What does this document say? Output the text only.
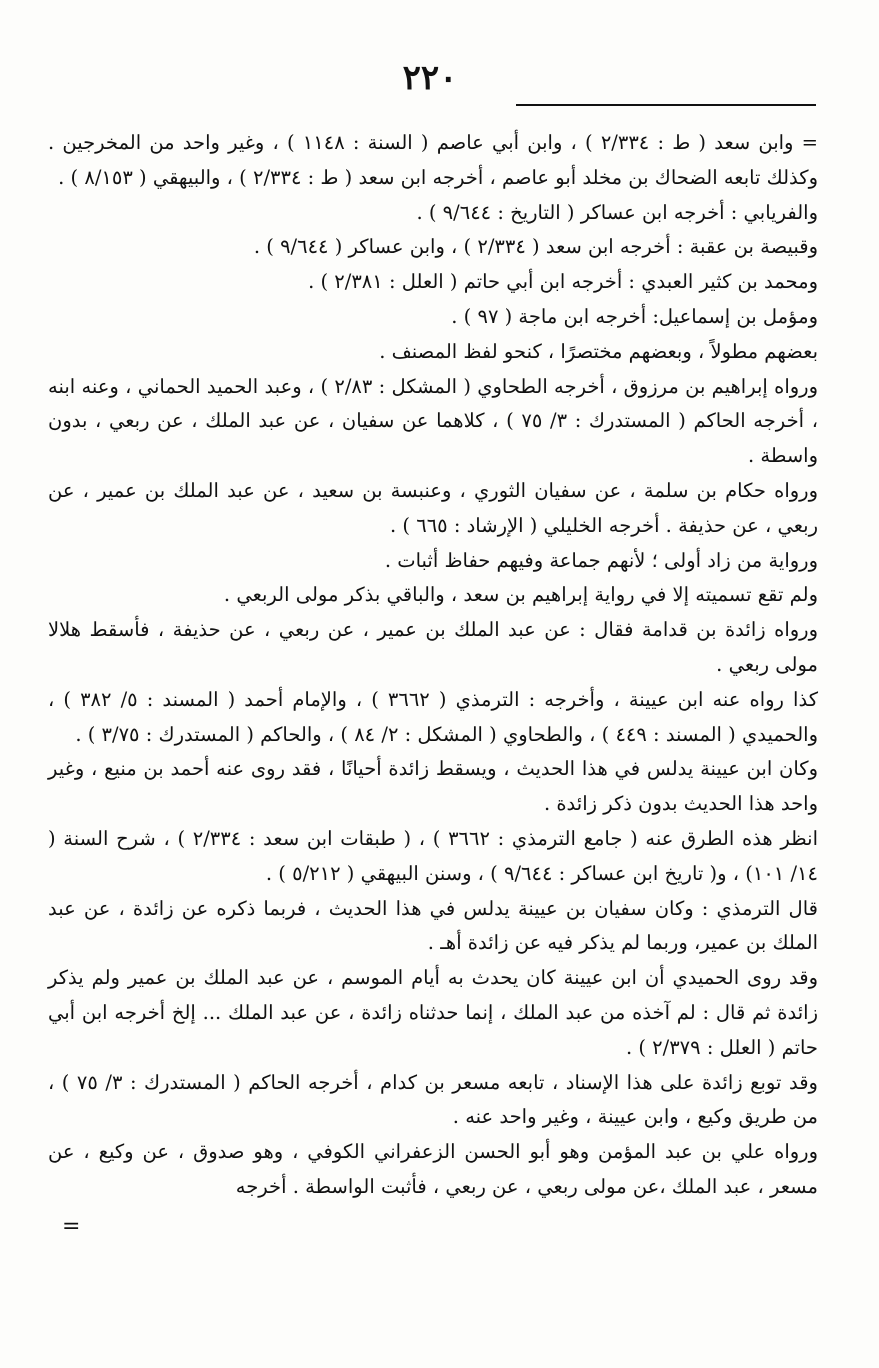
٢٢٠

= وابن سعد ( ط : ٢/٣٣٤ ) ، وابن أبي عاصم ( السنة : ١١٤٨ ) ، وغير واحد من المخرجين . وكذلك تابعه الضحاك بن مخلد أبو عاصم ، أخرجه ابن سعد ( ط : ٢/٣٣٤ ) ، والبيهقي ( ٨/١٥٣ ) .

والفريابي : أخرجه ابن عساكر ( التاريخ : ٩/٦٤٤ ) .

وقبيصة بن عقبة : أخرجه ابن سعد ( ٢/٣٣٤ ) ، وابن عساكر ( ٩/٦٤٤ ) .

ومحمد بن كثير العبدي : أخرجه ابن أبي حاتم ( العلل : ٢/٣٨١ ) .

ومؤمل بن إسماعيل: أخرجه ابن ماجة ( ٩٧ ) .

بعضهم مطولاً ، وبعضهم مختصرًا ، كنحو لفظ المصنف .

ورواه إبراهيم بن مرزوق ، أخرجه الطحاوي ( المشكل : ٢/٨٣ ) ، وعبد الحميد الحماني ، وعنه ابنه ، أخرجه الحاكم ( المستدرك : ٣/ ٧٥ ) ، كلاهما عن سفيان ، عن عبد الملك ، عن ربعي ، بدون واسطة .

ورواه حكام بن سلمة ، عن سفيان الثوري ، وعنبسة بن سعيد ، عن عبد الملك بن عمير ، عن ربعي ، عن حذيفة . أخرجه الخليلي ( الإرشاد : ٦٦٥ ) .

ورواية من زاد أولى ؛ لأنهم جماعة وفيهم حفاظ أثبات .

ولم تقع تسميته إلا في رواية إبراهيم بن سعد ، والباقي بذكر مولى الربعي .

ورواه زائدة بن قدامة فقال : عن عبد الملك بن عمير ، عن ربعي ، عن حذيفة ، فأسقط هلالا مولى ربعي .

كذا رواه عنه ابن عيينة ، وأخرجه : الترمذي ( ٣٦٦٢ ) ، والإمام أحمد ( المسند : ٥/ ٣٨٢ ) ، والحميدي ( المسند : ٤٤٩ ) ، والطحاوي ( المشكل : ٢/ ٨٤ ) ، والحاكم ( المستدرك : ٣/٧٥ ) .

وكان ابن عيينة يدلس في هذا الحديث ، ويسقط زائدة أحيانًا ، فقد روى عنه أحمد بن منيع ، وغير واحد هذا الحديث بدون ذكر زائدة .

انظر هذه الطرق عنه ( جامع الترمذي : ٣٦٦٢ ) ، ( طبقات ابن سعد : ٢/٣٣٤ ) ، شرح السنة ( ١٤/ ١٠١) ، و( تاريخ ابن عساكر : ٩/٦٤٤ ) ، وسنن البيهقي ( ٥/٢١٢ ) .

قال الترمذي : وكان سفيان بن عيينة يدلس في هذا الحديث ، فربما ذكره عن زائدة ، عن عبد الملك بن عمير، وربما لم يذكر فيه عن زائدة أهـ .

وقد روى الحميدي أن ابن عيينة كان يحدث به أيام الموسم ، عن عبد الملك بن عمير ولم يذكر زائدة ثم قال : لم آخذه من عبد الملك ، إنما حدثناه زائدة ، عن عبد الملك ... إلخ أخرجه ابن أبي حاتم ( العلل : ٢/٣٧٩ ) .

وقد توبع زائدة على هذا الإسناد ، تابعه مسعر بن كدام ، أخرجه الحاكم ( المستدرك : ٣/ ٧٥ ) ، من طريق وكيع ، وابن عيينة ، وغير واحد عنه .

ورواه علي بن عبد المؤمن وهو أبو الحسن الزعفراني الكوفي ، وهو صدوق ، عن وكيع ، عن مسعر ، عبد الملك ،عن مولى ربعي ، عن ربعي ، فأثبت الواسطة . أخرجه

=
